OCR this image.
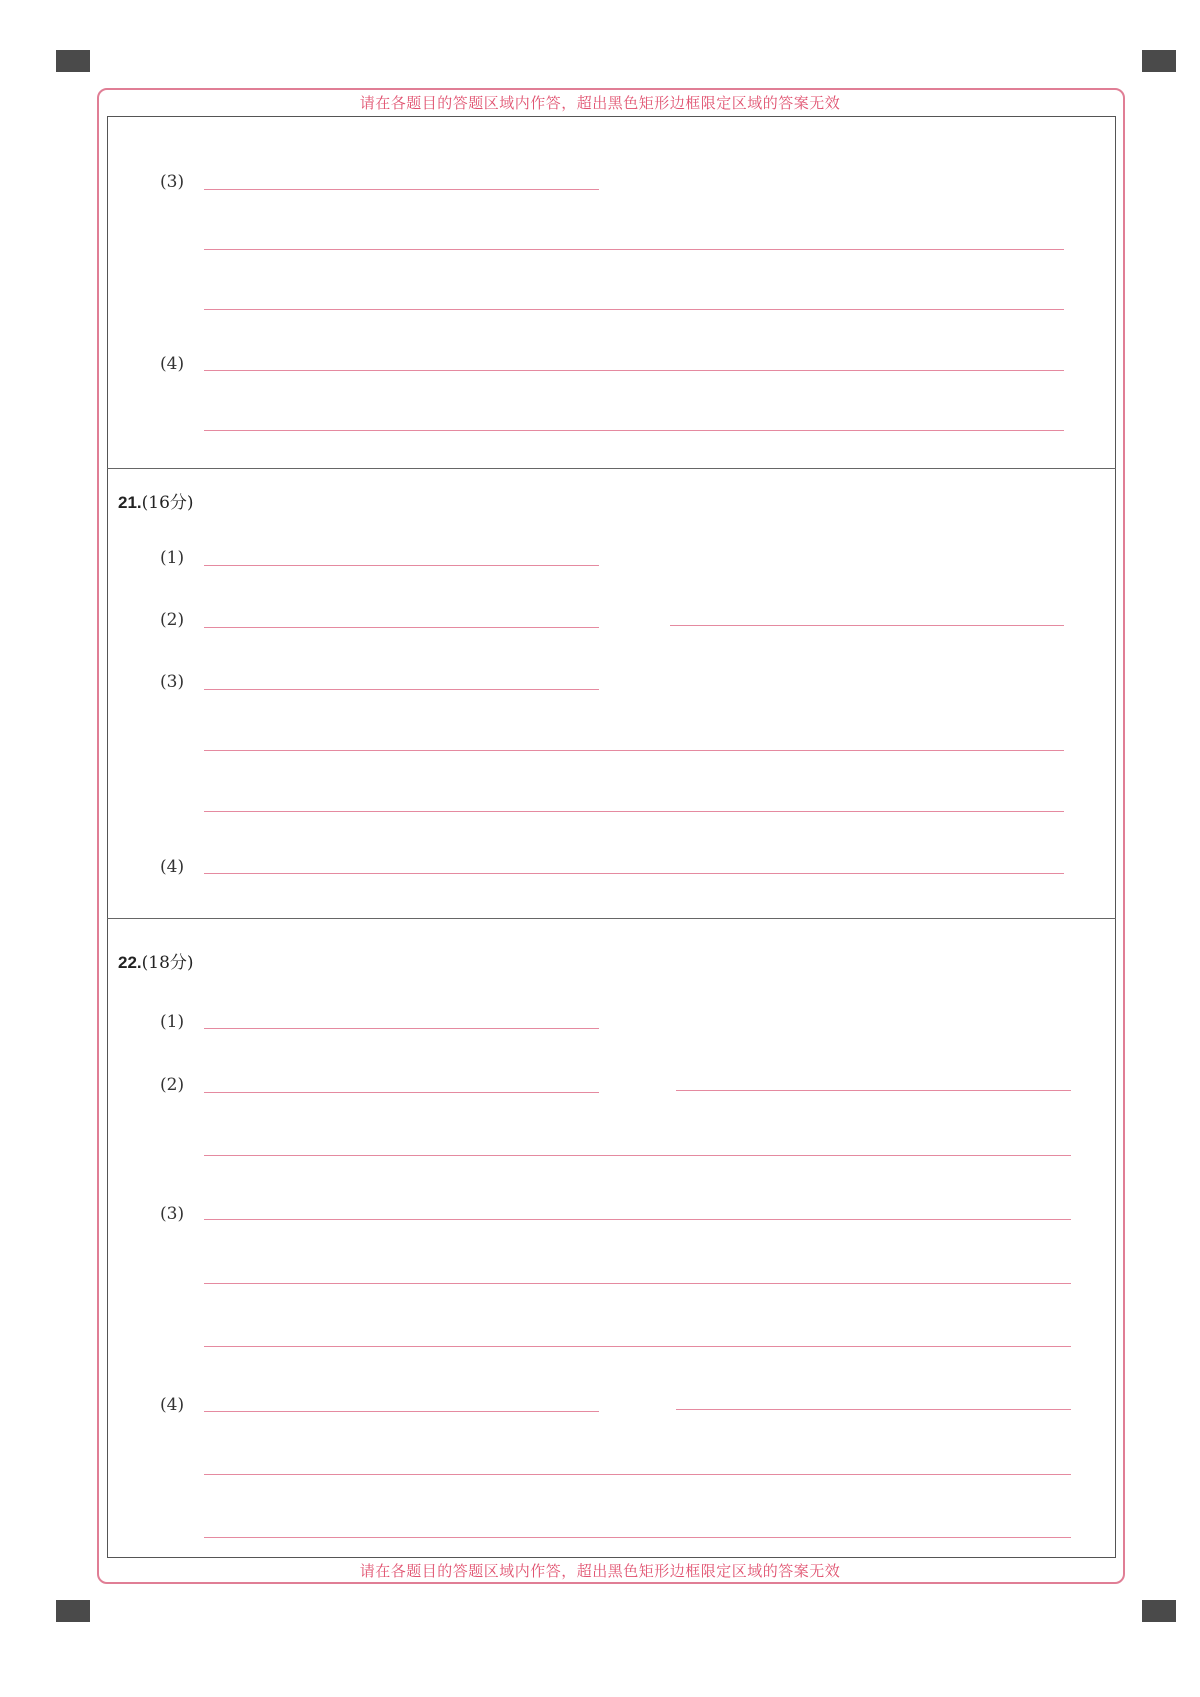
请在各题目的答题区域内作答，超出黑色矩形边框限定区域的答案无效
请在各题目的答题区域内作答，超出黑色矩形边框限定区域的答案无效
(3)
(4)
21.(16分)
(1)
(2)
(3)
(4)
22.(18分)
(1)
(2)
(3)
(4)
